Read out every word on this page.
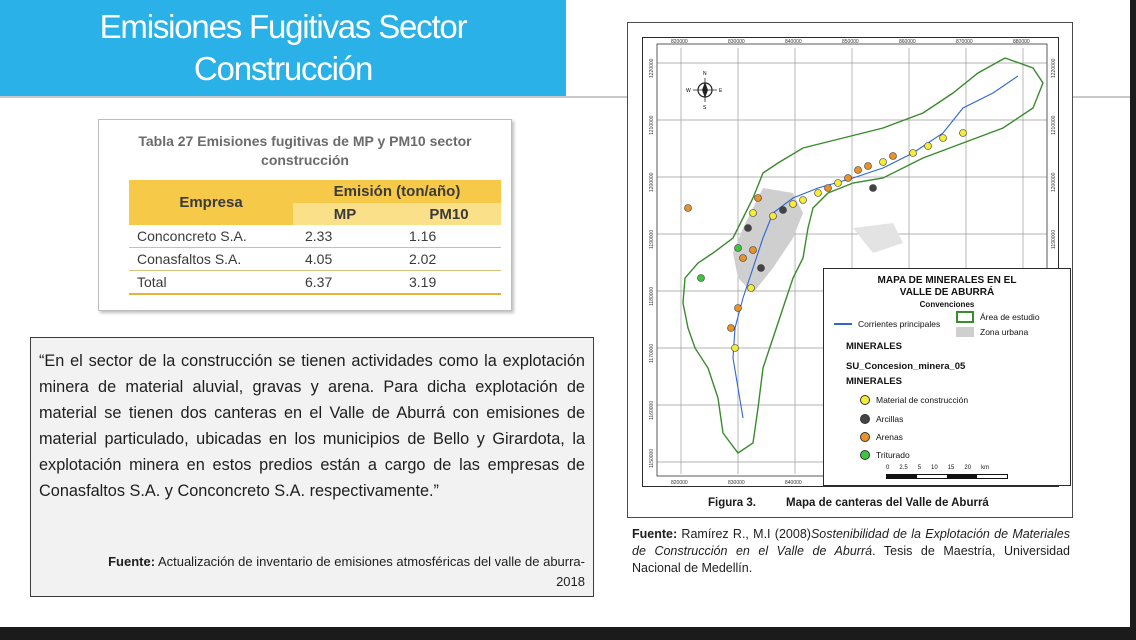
Emisiones Fugitivas Sector
Construcción
Tabla 27 Emisiones fugitivas de MP y PM10 sector
construcción
Empresa	Emisión (ton/año)	
	MP	PM10
Conconcreto S.A.	2.33	1.16
Conasfaltos S.A.	4.05	2.02
Total	6.37	3.19
“En el sector de la construcción se tienen actividades como la explotación minera de material aluvial, gravas y arena. Para dicha explotación de material se tienen dos canteras en el Valle de Aburrá con emisiones de material particulado, ubicadas en los municipios de Bello y Girardota, la explotación minera en estos predios están a cargo de las empresas de Conasfaltos S.A. y Conconcreto S.A. respectivamente.”
Fuente: Actualización de inventario de emisiones atmosféricas del valle de aburra-2018
820000	830000	840000	850000	860000	870000	880000
820000	830000	840000
1220000
1210000
1200000
1190000
1180000
1170000
1160000
1150000
1220000
1210000
1200000
1190000
N
S
E
W
MAPA DE MINERALES EN EL
VALLE DE ABURRÁ
Convenciones
Corrientes principales
Área de estudio
Zona urbana
MINERALES
SU_Concesion_minera_05
MINERALES
Material de construcción
Arcillas
Arenas
Triturado
0 2.5 5 10 15 20 km
Figura 3.	Mapa de canteras del Valle de Aburrá
Fuente: Ramírez R., M.I (2008)Sostenibilidad de la Explotación de Materiales de Construcción en el Valle de Aburrá. Tesis de Maestría, Universidad Nacional de Medellín.
